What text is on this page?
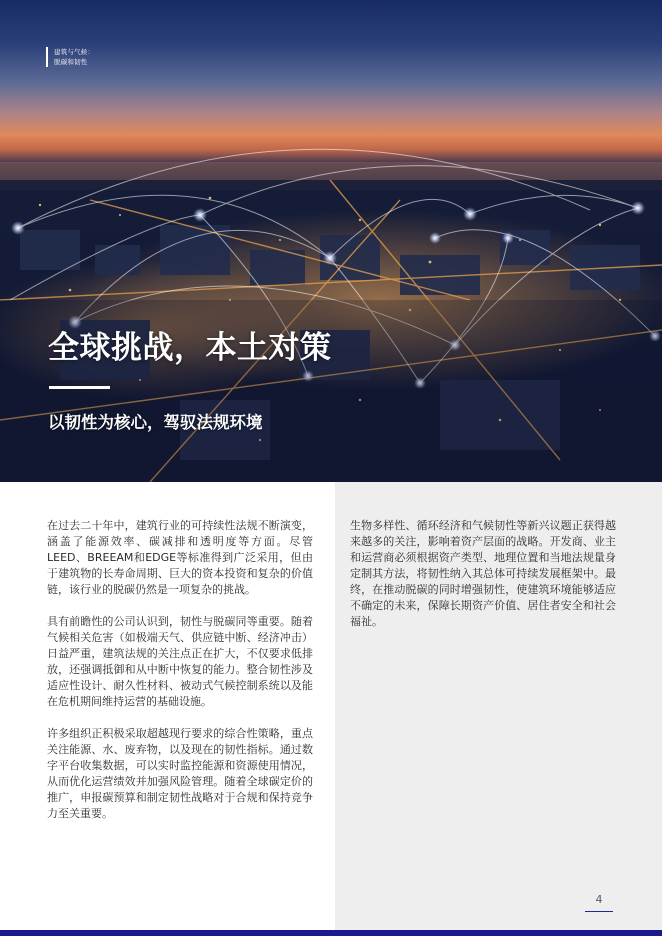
建筑与气候：
脱碳和韧性
全球挑战，本土对策
以韧性为核心，驾驭法规环境

在过去二十年中，建筑行业的可持续性法规不断演变，涵盖了能源效率、碳减排和透明度等方面。尽管LEED、BREEAM和EDGE等标准得到广泛采用，但由于建筑物的长寿命周期、巨大的资本投资和复杂的价值链，该行业的脱碳仍然是一项复杂的挑战。

具有前瞻性的公司认识到，韧性与脱碳同等重要。随着气候相关危害（如极端天气、供应链中断、经济冲击）日益严重，建筑法规的关注点正在扩大，不仅要求低排放，还强调抵御和从中断中恢复的能力。整合韧性涉及适应性设计、耐久性材料、被动式气候控制系统以及能在危机期间维持运营的基础设施。

许多组织正积极采取超越现行要求的综合性策略，重点关注能源、水、废弃物，以及现在的韧性指标。通过数字平台收集数据，可以实时监控能源和资源使用情况，从而优化运营绩效并加强风险管理。随着全球碳定价的推广，申报碳预算和制定韧性战略对于合规和保持竞争力至关重要。

生物多样性、循环经济和气候韧性等新兴议题正获得越来越多的关注，影响着资产层面的战略。开发商、业主和运营商必须根据资产类型、地理位置和当地法规量身定制其方法，将韧性纳入其总体可持续发展框架中。最终，在推动脱碳的同时增强韧性，使建筑环境能够适应不确定的未来，保障长期资产价值、居住者安全和社会福祉。

4
